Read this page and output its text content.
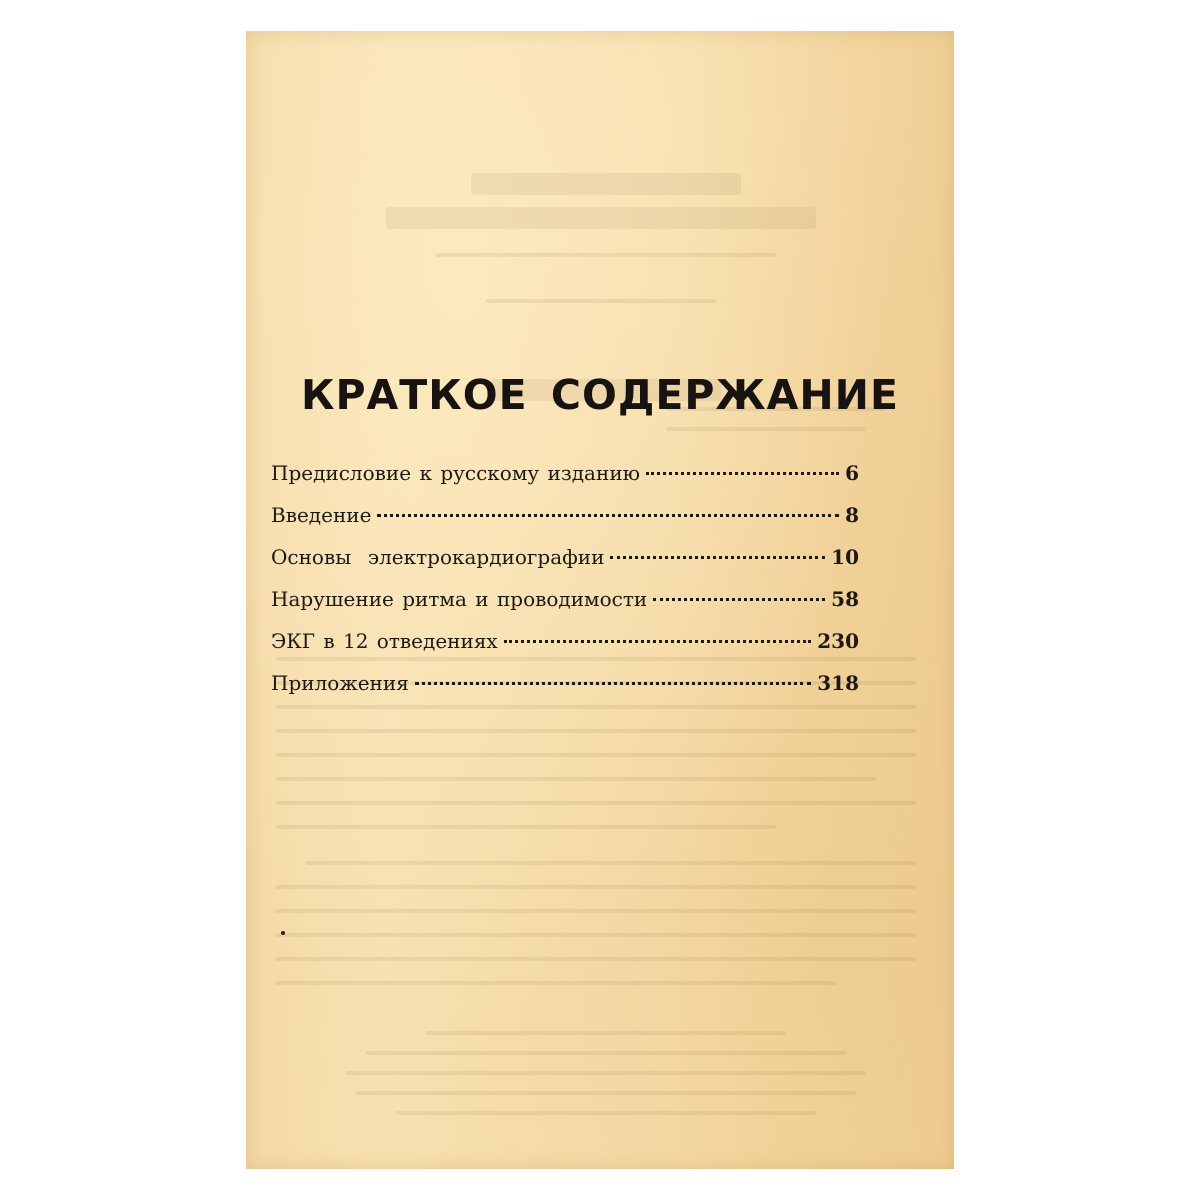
КРАТКОЕ СОДЕРЖАНИЕ
Предисловие к русскому изданию	6
Введение	8
Основы  электрокардиографии	10
Нарушение ритма и проводимости	58
ЭКГ в 12 отведениях	230
Приложения	318
